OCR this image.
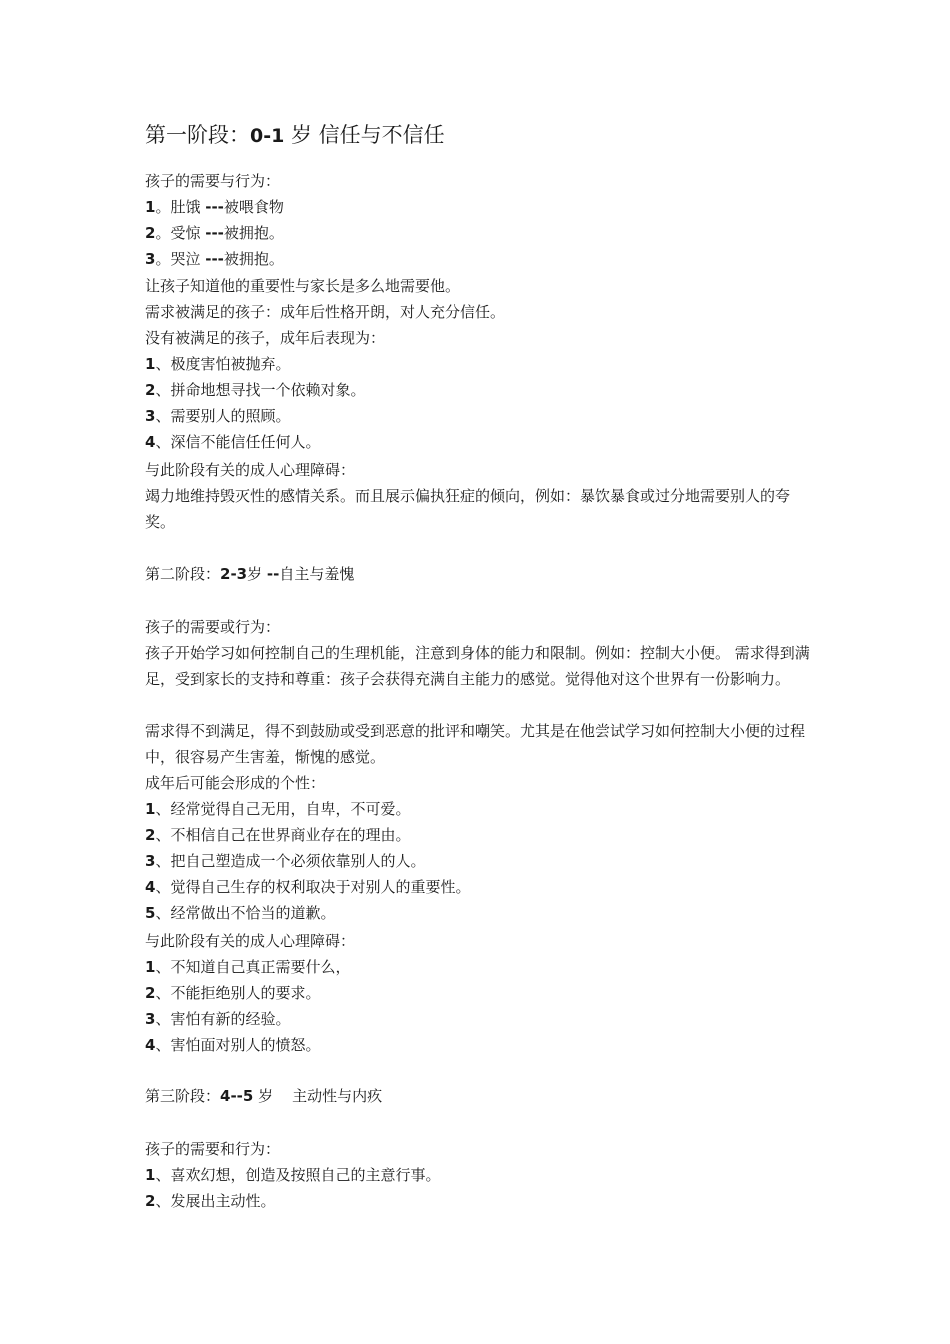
第一阶段：0-1 岁 信任与不信任
孩子的需要与行为：
1。肚饿 ---被喂食物
2。受惊 ---被拥抱。
3。哭泣 ---被拥抱。
让孩子知道他的重要性与家长是多么地需要他。
需求被满足的孩子：成年后性格开朗，对人充分信任。
没有被满足的孩子，成年后表现为：
1、极度害怕被抛弃。
2、拼命地想寻找一个依赖对象。
3、需要别人的照顾。
4、深信不能信任任何人。
与此阶段有关的成人心理障碍：
竭力地维持毁灭性的感情关系。而且展示偏执狂症的倾向，例如：暴饮暴食或过分地需要别人的夸奖。
第二阶段：2-3岁 --自主与羞愧
孩子的需要或行为：
孩子开始学习如何控制自己的生理机能，注意到身体的能力和限制。例如：控制大小便。 需求得到满足，受到家长的支持和尊重：孩子会获得充满自主能力的感觉。觉得他对这个世界有一份影响力。
需求得不到满足，得不到鼓励或受到恶意的批评和嘲笑。尤其是在他尝试学习如何控制大小便的过程中，很容易产生害羞，惭愧的感觉。
成年后可能会形成的个性：
1、经常觉得自己无用，自卑，不可爱。
2、不相信自己在世界商业存在的理由。
3、把自己塑造成一个必须依靠别人的人。
4、觉得自己生存的权利取决于对别人的重要性。
5、经常做出不恰当的道歉。
与此阶段有关的成人心理障碍：
1、不知道自己真正需要什么，
2、不能拒绝别人的要求。
3、害怕有新的经验。
4、害怕面对别人的愤怒。
第三阶段：4--5 岁    主动性与内疚
孩子的需要和行为：
1、喜欢幻想，创造及按照自己的主意行事。
2、发展出主动性。
